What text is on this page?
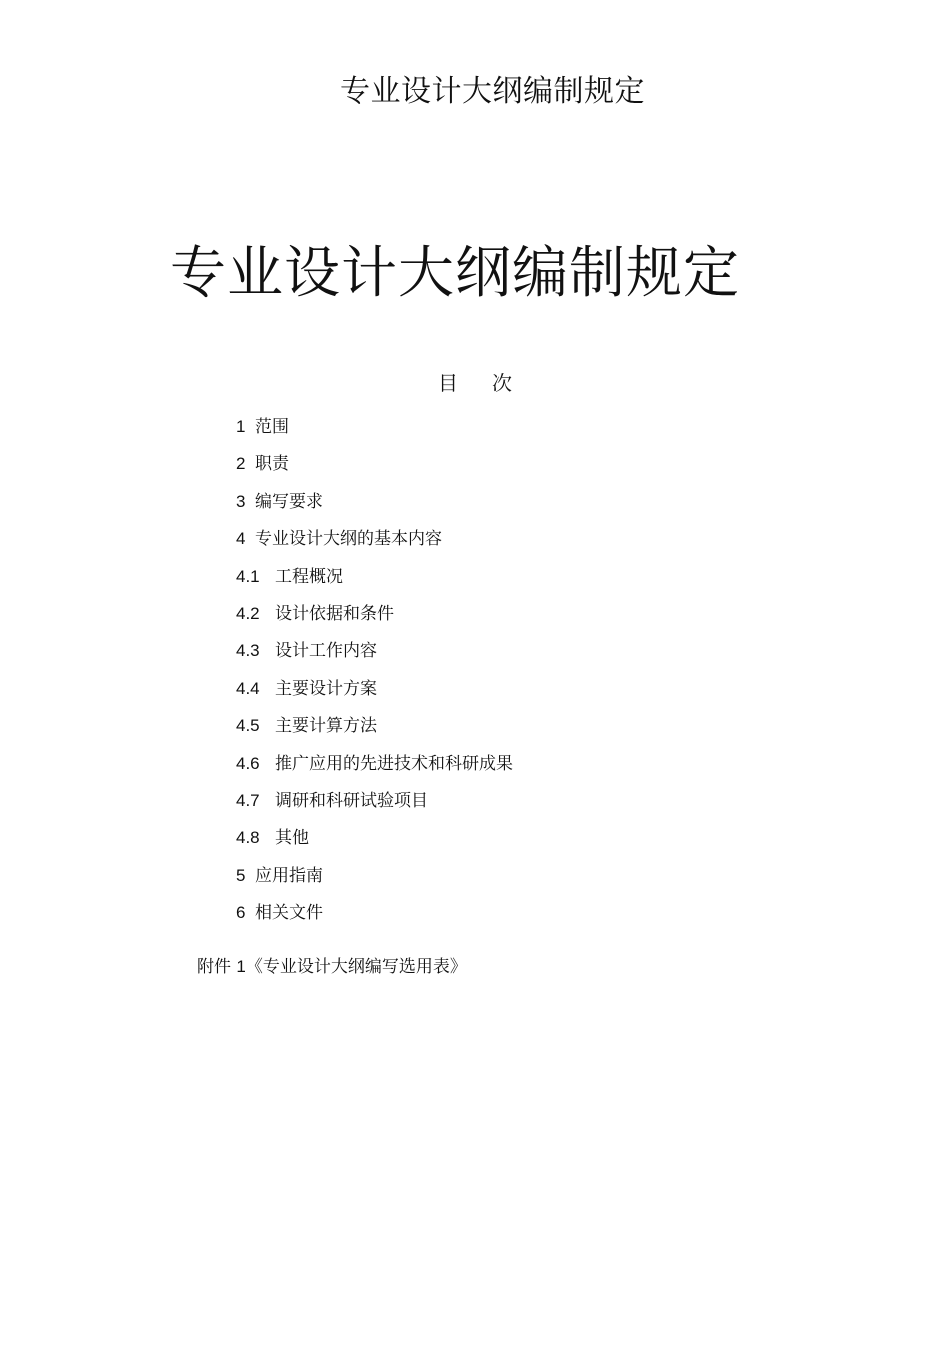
专业设计大纲编制规定
专业设计大纲编制规定
目 次
1 范围
2 职责
3 编写要求
4 专业设计大纲的基本内容
4.1 工程概况
4.2 设计依据和条件
4.3 设计工作内容
4.4 主要设计方案
4.5 主要计算方法
4.6 推广应用的先进技术和科研成果
4.7 调研和科研试验项目
4.8 其他
5 应用指南
6 相关文件
附件 1《专业设计大纲编写选用表》
